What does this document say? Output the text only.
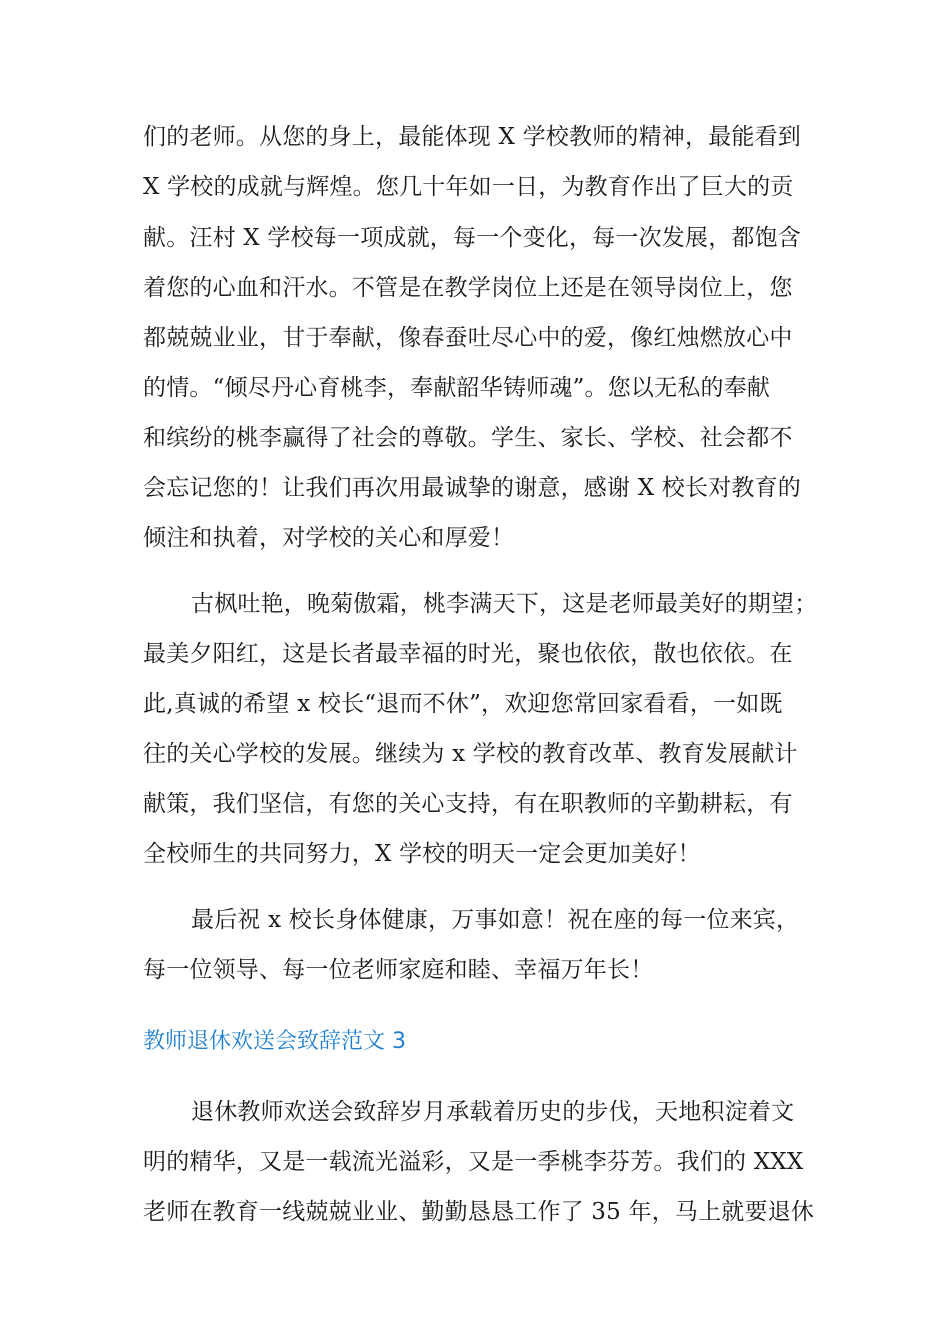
们的老师。从您的身上，最能体现 X 学校教师的精神，最能看到
X 学校的成就与辉煌。您几十年如一日，为教育作出了巨大的贡
献。汪村 X 学校每一项成就，每一个变化，每一次发展，都饱含
着您的心血和汗水。不管是在教学岗位上还是在领导岗位上，您
都兢兢业业，甘于奉献，像春蚕吐尽心中的爱，像红烛燃放心中
的情。“倾尽丹心育桃李，奉献韶华铸师魂”。您以无私的奉献
和缤纷的桃李赢得了社会的尊敬。学生、家长、学校、社会都不
会忘记您的！让我们再次用最诚挚的谢意，感谢 X 校长对教育的
倾注和执着，对学校的关心和厚爱！
古枫吐艳，晚菊傲霜，桃李满天下，这是老师最美好的期望；
最美夕阳红，这是长者最幸福的时光，聚也依依，散也依依。在
此,真诚的希望 x 校长“退而不休”，欢迎您常回家看看，一如既
往的关心学校的发展。继续为 x 学校的教育改革、教育发展献计
献策，我们坚信，有您的关心支持，有在职教师的辛勤耕耘，有
全校师生的共同努力，X 学校的明天一定会更加美好！
最后祝 x 校长身体健康，万事如意！祝在座的每一位来宾，
每一位领导、每一位老师家庭和睦、幸福万年长！
教师退休欢送会致辞范文 3
退休教师欢送会致辞岁月承载着历史的步伐，天地积淀着文
明的精华，又是一载流光溢彩，又是一季桃李芬芳。我们的 XXX
老师在教育一线兢兢业业、勤勤恳恳工作了 35 年，马上就要退休
